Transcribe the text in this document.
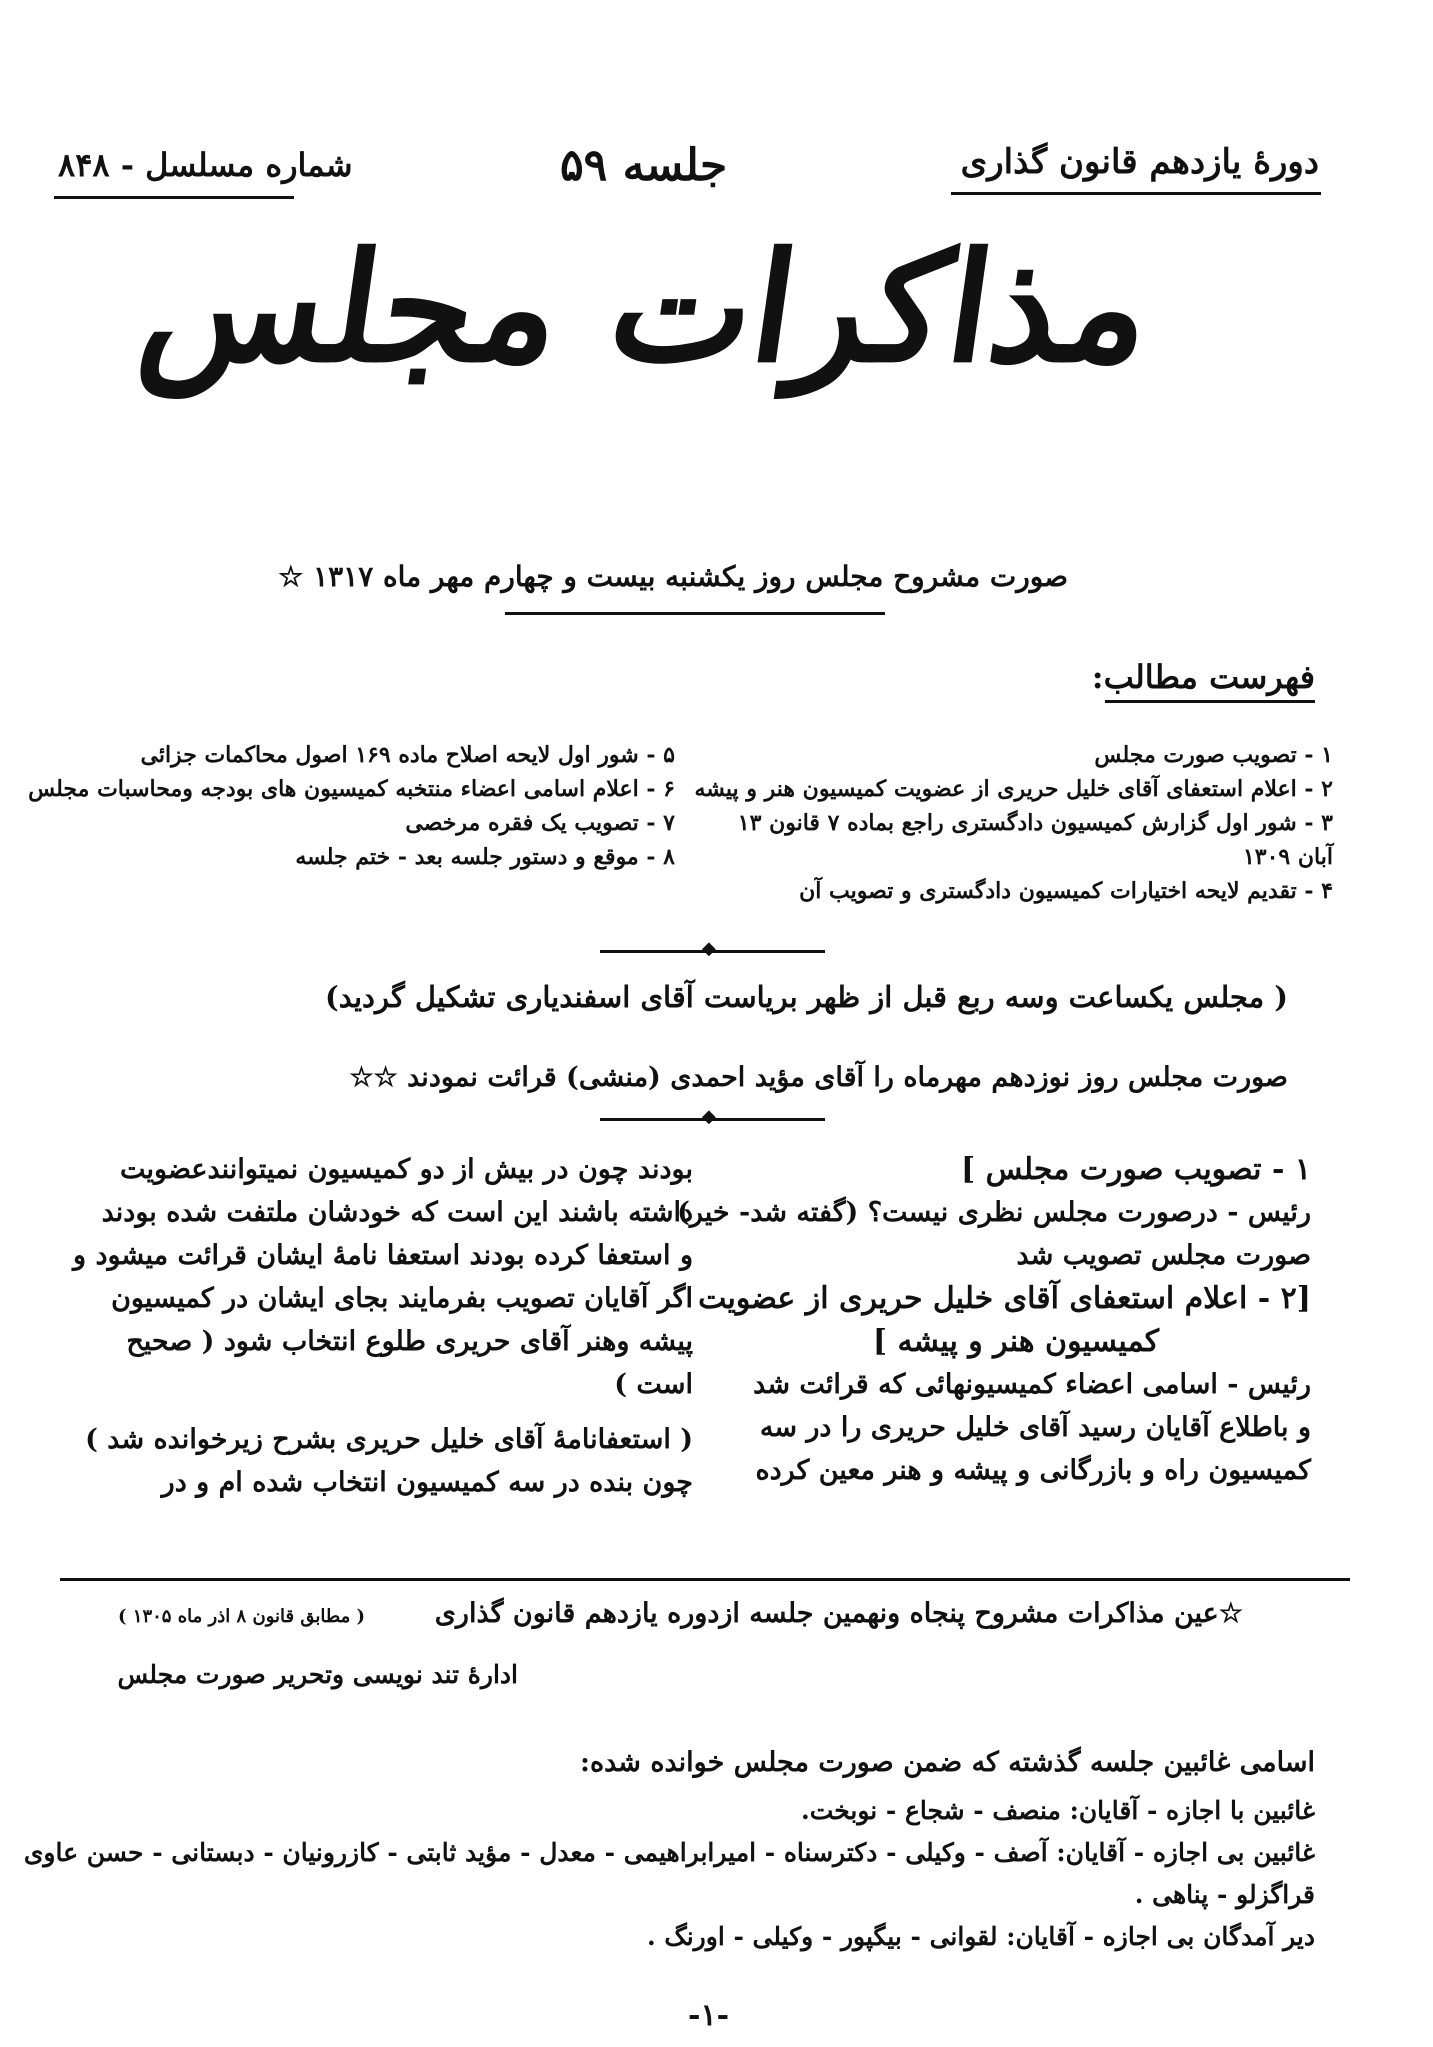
دورهٔ یازدهم قانون گذاری
جلسه ۵۹
شماره مسلسل - ۸۴۸
مذاکرات مجلس
صورت مشروح مجلس روز یکشنبه بیست و چهارم مهر ماه ۱۳۱۷ ☆
فهرست مطالب:
۱ - تصویب صورت مجلس
۲ - اعلام استعفای آقای خلیل حریری از عضویت کمیسیون هنر و پیشه
۳ - شور اول گزارش کمیسیون دادگستری راجع بماده ۷ قانون ۱۳
آبان ۱۳۰۹
۴ - تقدیم لایحه اختیارات کمیسیون دادگستری و تصویب آن
۵ - شور اول لایحه اصلاح ماده ۱۶۹ اصول محاکمات جزائی
۶ - اعلام اسامی اعضاء منتخبه کمیسیون های بودجه ومحاسبات مجلس
۷ - تصویب یک فقره مرخصی
۸ - موقع و دستور جلسه بعد - ختم جلسه
◆
( مجلس یکساعت وسه ربع قبل از ظهر بریاست آقای اسفندیاری تشکیل گردید)
صورت مجلس روز نوزدهم مهرماه را آقای مؤید احمدی (منشی) قرائت نمودند ☆☆
◆
۱ - تصویب صورت مجلس ]
رئیس - درصورت مجلس نظری نیست؟ (گفته شد- خیر)
صورت مجلس تصویب شد
[۲ - اعلام استعفای آقای خلیل حریری از عضویت
کمیسیون هنر و پیشه ]
رئیس - اسامی اعضاء کمیسیونهائی که قرائت شد
و باطلاع آقایان رسید آقای خلیل حریری را در سه
کمیسیون راه و بازرگانی و پیشه و هنر معین کرده
بودند چون در بیش از دو کمیسیون نمیتوانندعضویت
داشته باشند این است که خودشان ملتفت شده بودند
و استعفا کرده بودند استعفا نامهٔ ایشان قرائت میشود و
اگر آقایان تصویب بفرمایند بجای ایشان در کمیسیون
پیشه وهنر آقای حریری طلوع انتخاب شود ( صحیح
است )
( استعفانامهٔ آقای خلیل حریری بشرح زیرخوانده شد )
چون بنده در سه کمیسیون انتخاب شده ام و در
☆عین مذاکرات مشروح پنجاه ونهمین جلسه ازدوره یازدهم قانون گذاری
( مطابق قانون ۸ اذر ماه ۱۳۰۵ )
ادارهٔ تند نویسی وتحریر صورت مجلس
اسامی غائبین جلسه گذشته که ضمن صورت مجلس خوانده شده:
غائبین با اجازه - آقایان: منصف - شجاع - نوبخت.
غائبین بی اجازه - آقایان: آصف - وکیلی - دکترسناه - امیرابراهیمی - معدل - مؤید ثابتی - کازرونیان - دبستانی - حسن عاوی
قراگزلو - پناهی .
دیر آمدگان بی اجازه - آقایان: لقوانی - بیگپور - وکیلی - اورنگ .
-۱-
